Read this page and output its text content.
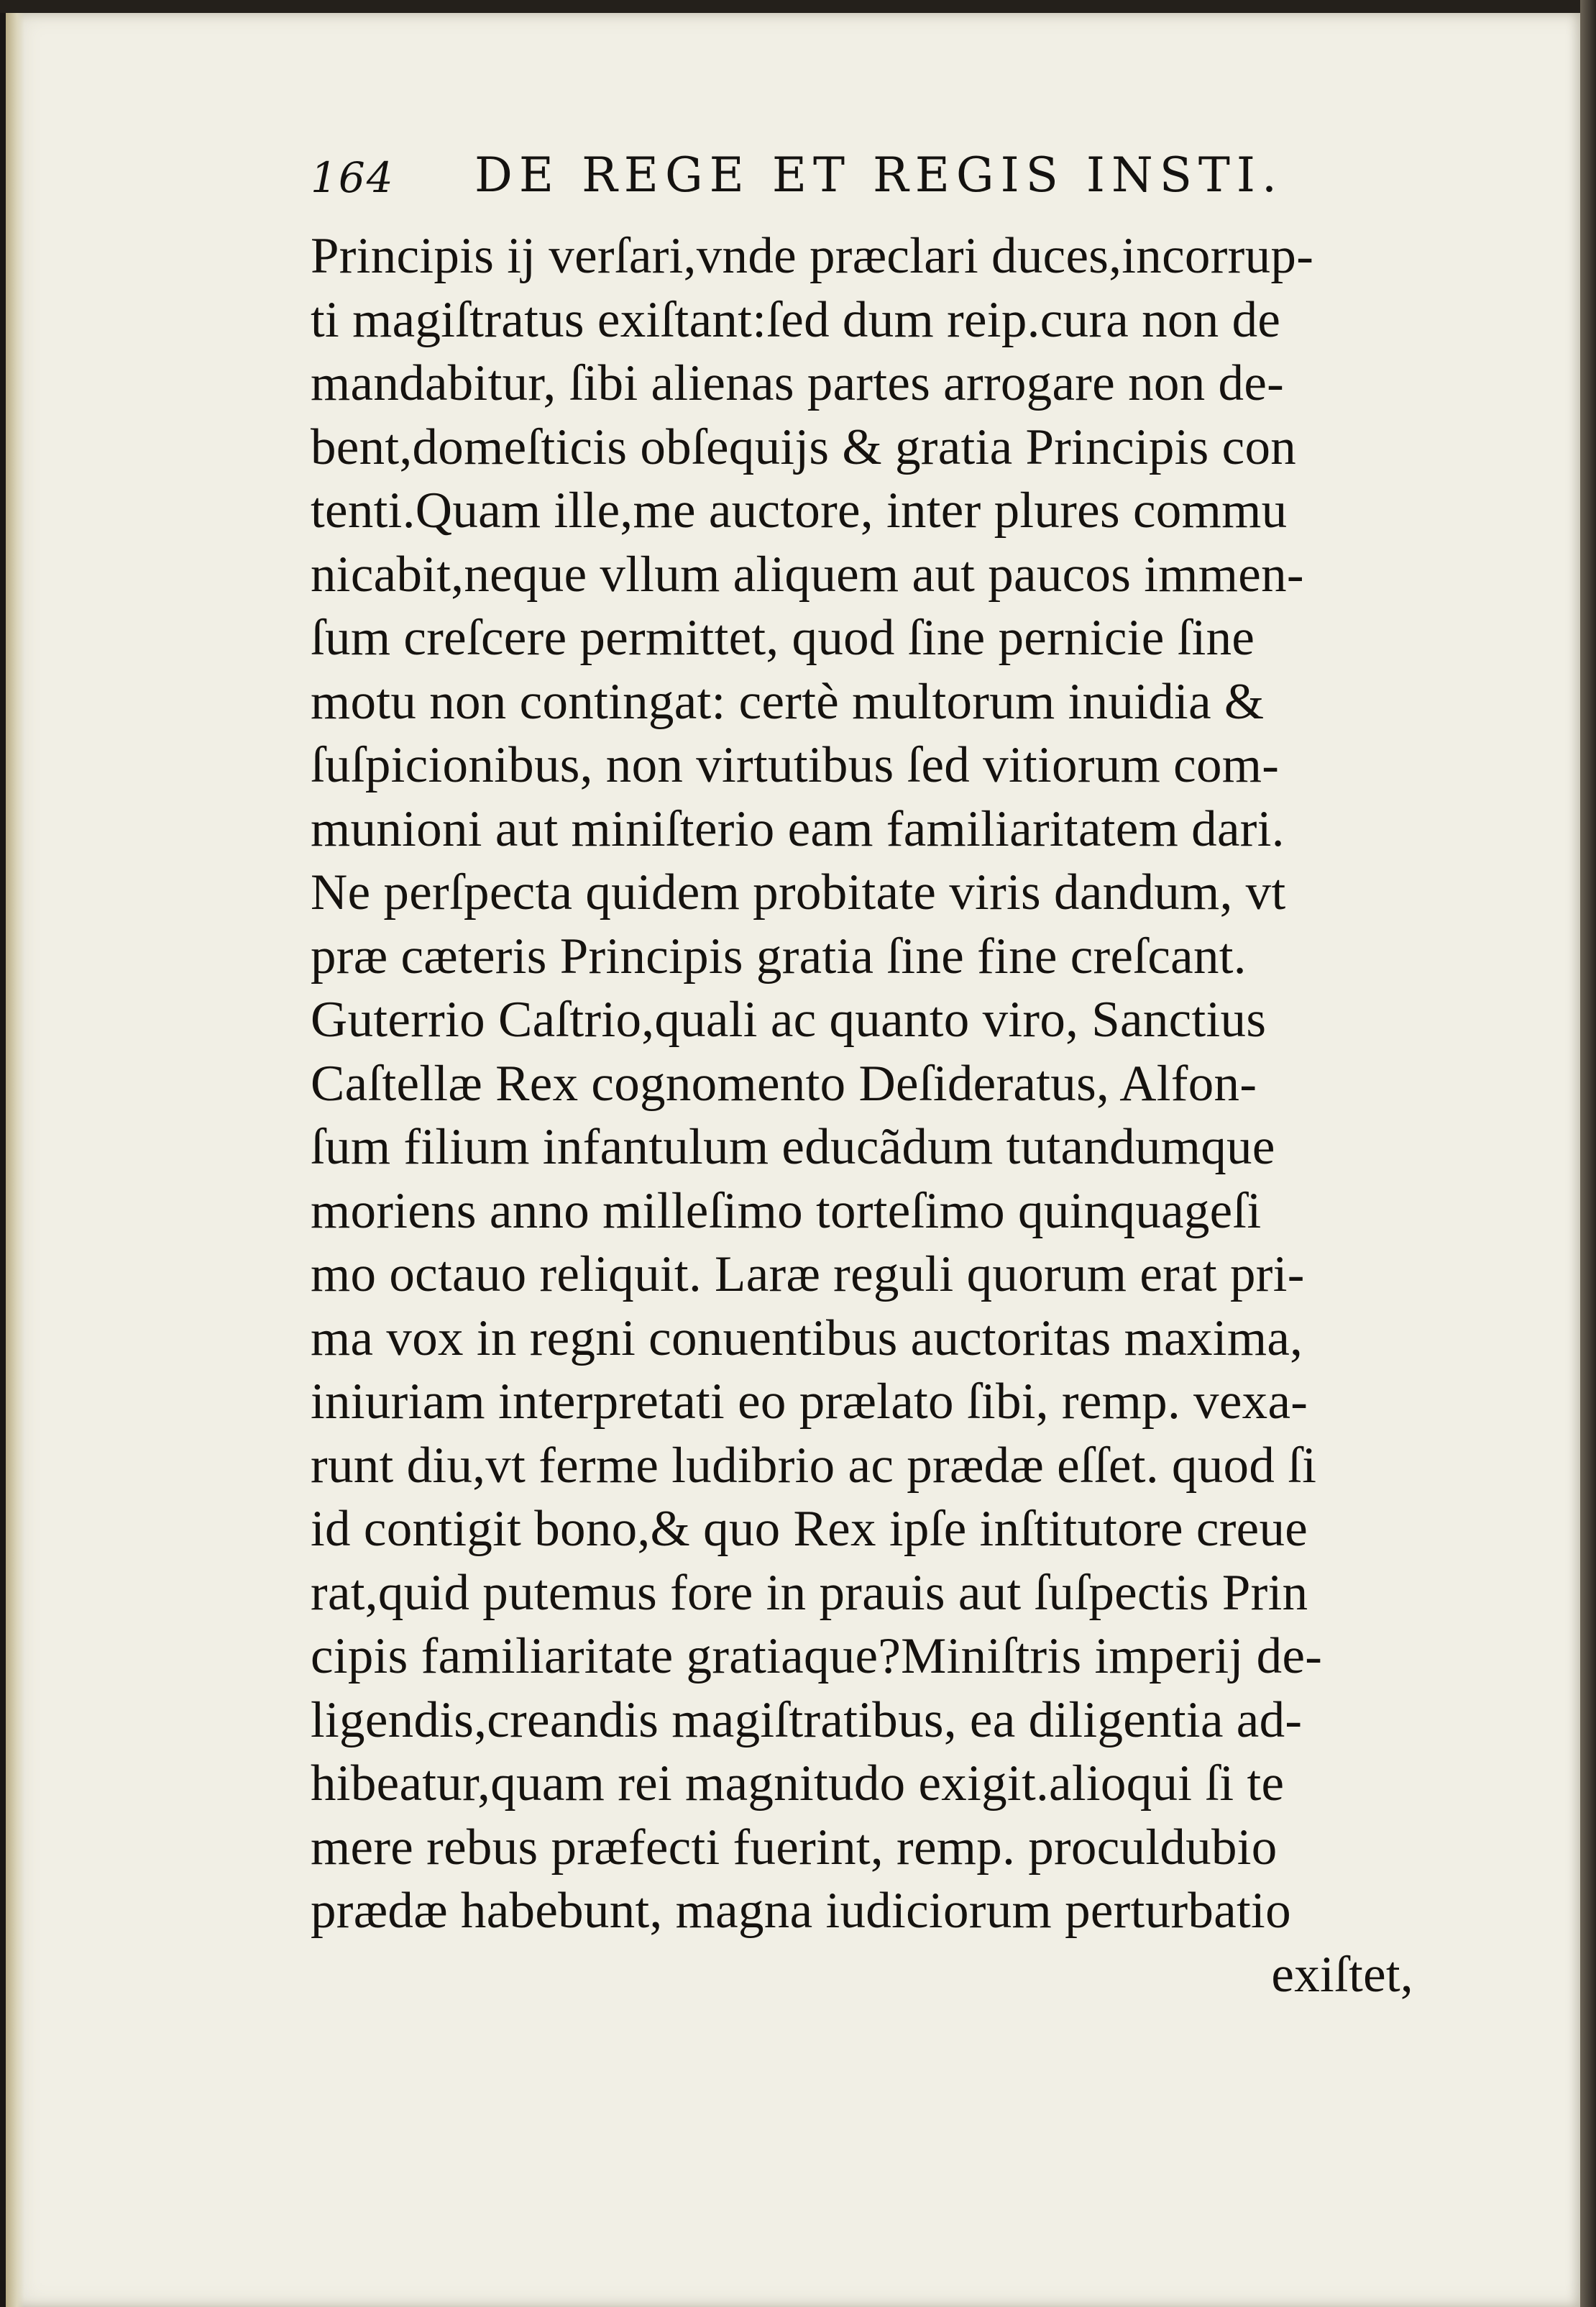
164 DE REGE ET REGIS INSTI.
Principis ij verſari,vnde præclari duces,incorrup-
ti magiſtratus exiſtant:ſed dum reip.cura non de
mandabitur, ſibi alienas partes arrogare non de-
bent,domeſticis obſequijs & gratia Principis con
tenti.Quam ille,me auctore, inter plures commu
nicabit,neque vllum aliquem aut paucos immen-
ſum creſcere permittet, quod ſine pernicie ſine
motu non contingat: certè multorum inuidia &
ſuſpicionibus, non virtutibus ſed vitiorum com-
munioni aut miniſterio eam familiaritatem dari.
Ne perſpecta quidem probitate viris dandum, vt
præ cæteris Principis gratia ſine fine creſcant.
Guterrio Caſtrio,quali ac quanto viro, Sanctius
Caſtellæ Rex cognomento Deſideratus, Alfon-
ſum filium infantulum educãdum tutandumque
moriens anno milleſimo torteſimo quinquageſi
mo octauo reliquit. Laræ reguli quorum erat pri-
ma vox in regni conuentibus auctoritas maxima,
iniuriam interpretati eo prælato ſibi, remp. vexa-
runt diu,vt ferme ludibrio ac prædæ eſſet. quod ſi
id contigit bono,& quo Rex ipſe inſtitutore creue
rat,quid putemus fore in prauis aut ſuſpectis Prin
cipis familiaritate gratiaque?Miniſtris imperij de-
ligendis,creandis magiſtratibus, ea diligentia ad-
hibeatur,quam rei magnitudo exigit.alioqui ſi te
mere rebus præfecti fuerint, remp. proculdubio
prædæ habebunt, magna iudiciorum perturbatio
exiſtet,
